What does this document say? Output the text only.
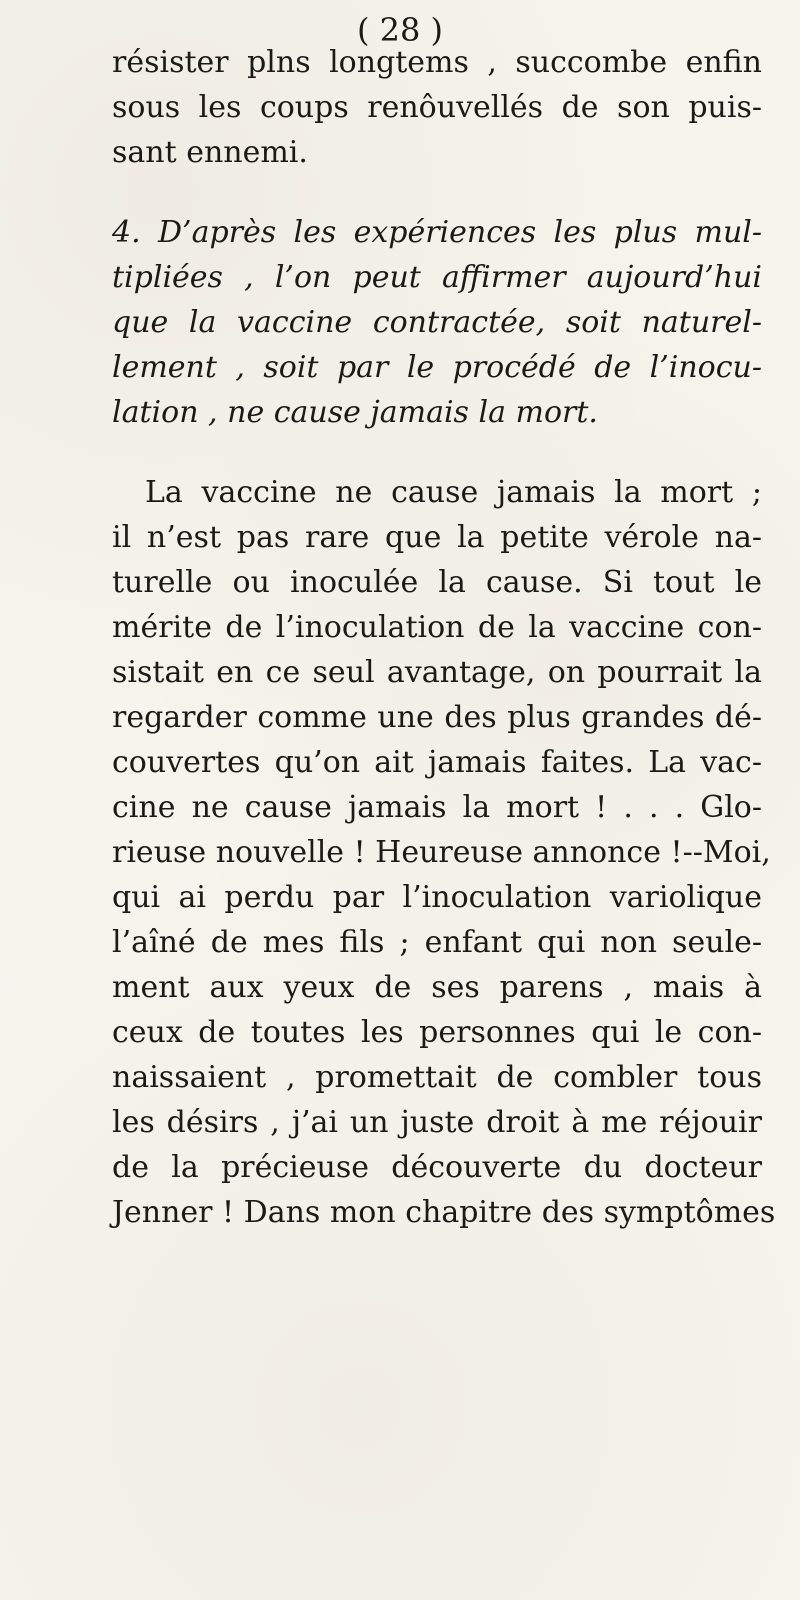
( 28 )
résister plns longtems , succombe enfin
sous les coups renôuvellés de son puis-
sant ennemi.
4. D’après les expériences les plus mul-
tipliées , l’on peut affirmer aujourd’hui
que la vaccine contractée, soit naturel-
lement , soit par le procédé de l’inocu-
lation , ne cause jamais la mort.
La vaccine ne cause jamais la mort ;
il n’est pas rare que la petite vérole na-
turelle ou inoculée la cause. Si tout le
mérite de l’inoculation de la vaccine con-
sistait en ce seul avantage, on pourrait la
regarder comme une des plus grandes dé-
couvertes qu’on ait jamais faites. La vac-
cine ne cause jamais la mort ! . . . Glo-
rieuse nouvelle ! Heureuse annonce !--Moi,
qui ai perdu par l’inoculation variolique
l’aîné de mes fils ; enfant qui non seule-
ment aux yeux de ses parens , mais à
ceux de toutes les personnes qui le con-
naissaient , promettait de combler tous
les désirs , j’ai un juste droit à me réjouir
de la précieuse découverte du docteur
Jenner ! Dans mon chapitre des symptômes
